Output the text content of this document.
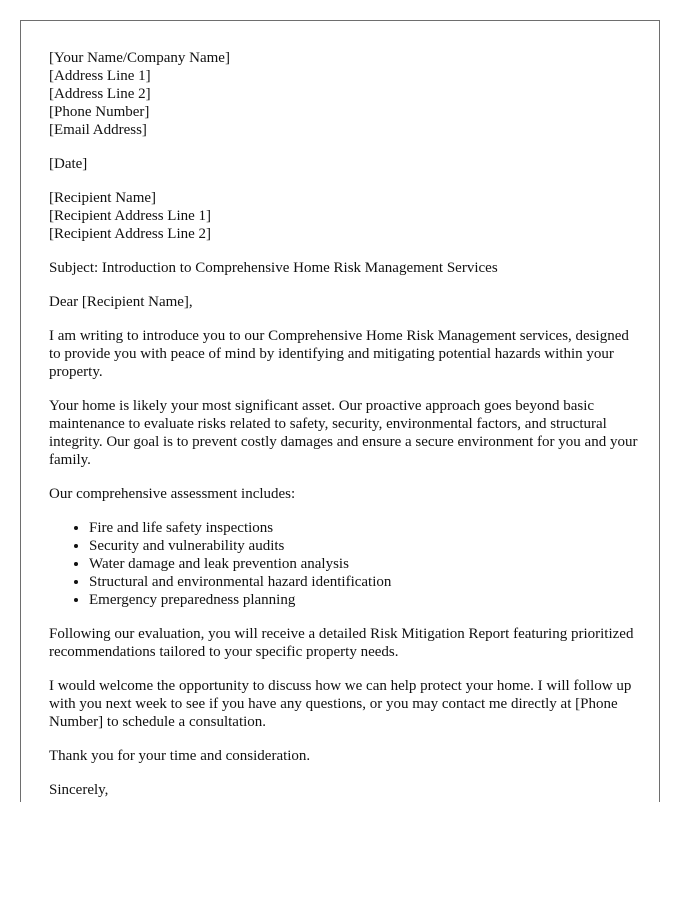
[Your Name/Company Name]
[Address Line 1]
[Address Line 2]
[Phone Number]
[Email Address]
[Date]
[Recipient Name]
[Recipient Address Line 1]
[Recipient Address Line 2]

Subject: Introduction to Comprehensive Home Risk Management Services

Dear [Recipient Name],

I am writing to introduce you to our Comprehensive Home Risk Management services, designed to provide you with peace of mind by identifying and mitigating potential hazards within your property.

Your home is likely your most significant asset. Our proactive approach goes beyond basic maintenance to evaluate risks related to safety, security, environmental factors, and structural integrity. Our goal is to prevent costly damages and ensure a secure environment for you and your family.

Our comprehensive assessment includes:

• Fire and life safety inspections
• Security and vulnerability audits
• Water damage and leak prevention analysis
• Structural and environmental hazard identification
• Emergency preparedness planning

Following our evaluation, you will receive a detailed Risk Mitigation Report featuring prioritized recommendations tailored to your specific property needs.

I would welcome the opportunity to discuss how we can help protect your home. I will follow up with you next week to see if you have any questions, or you may contact me directly at [Phone Number] to schedule a consultation.

Thank you for your time and consideration.

Sincerely,
